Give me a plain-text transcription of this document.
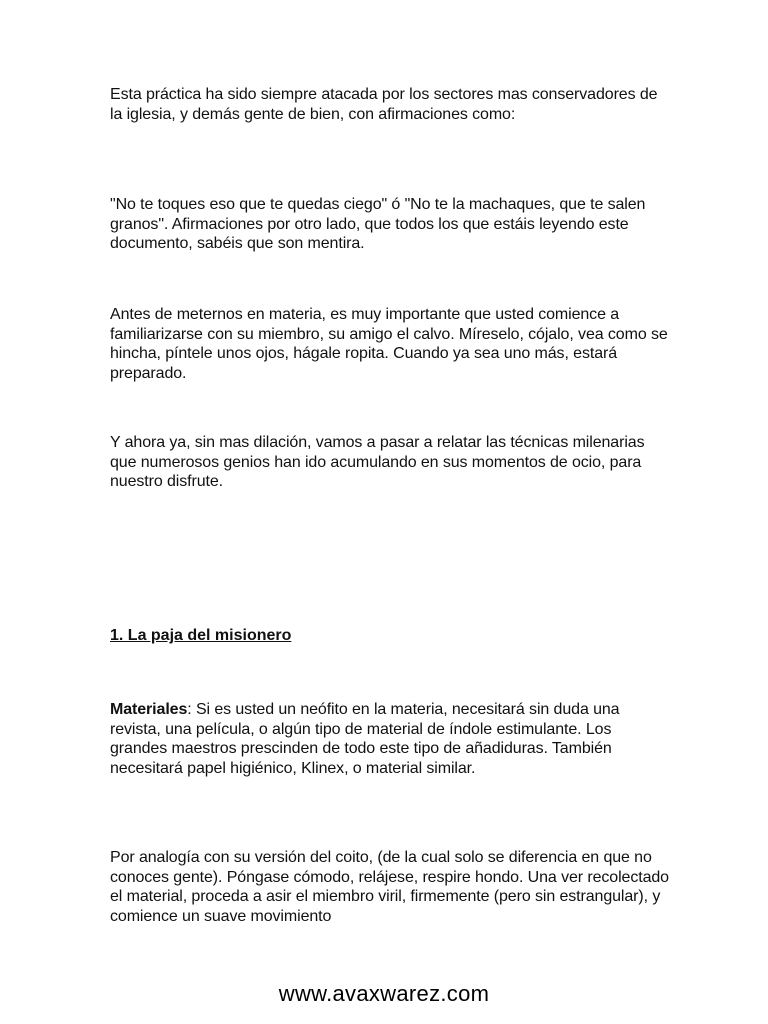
Esta práctica ha sido siempre atacada por los sectores mas conservadores de la iglesia, y demás gente de bien, con afirmaciones como:

"No te toques eso que te quedas ciego" ó "No te la machaques, que te salen granos". Afirmaciones por otro lado, que todos los que estáis leyendo este documento, sabéis que son mentira.

Antes de meternos en materia, es muy importante que usted comience a familiarizarse con su miembro, su amigo el calvo. Míreselo, cójalo, vea como se hincha, píntele unos ojos, hágale ropita. Cuando ya sea uno más, estará preparado.

Y ahora ya, sin mas dilación, vamos a pasar a relatar las técnicas milenarias que numerosos genios han ido acumulando en sus momentos de ocio, para nuestro disfrute.

1. La paja del misionero

Materiales: Si es usted un neófito en la materia, necesitará sin duda una revista, una película, o algún tipo de material de índole estimulante. Los grandes maestros prescinden de todo este tipo de añadiduras. También necesitará papel higiénico, Klinex, o material similar.

Por analogía con su versión del coito, (de la cual solo se diferencia en que no conoces gente). Póngase cómodo, relájese, respire hondo. Una ver recolectado el material, proceda a asir el miembro viril, firmemente (pero sin estrangular), y comience un suave movimiento

www.avaxwarez.com
